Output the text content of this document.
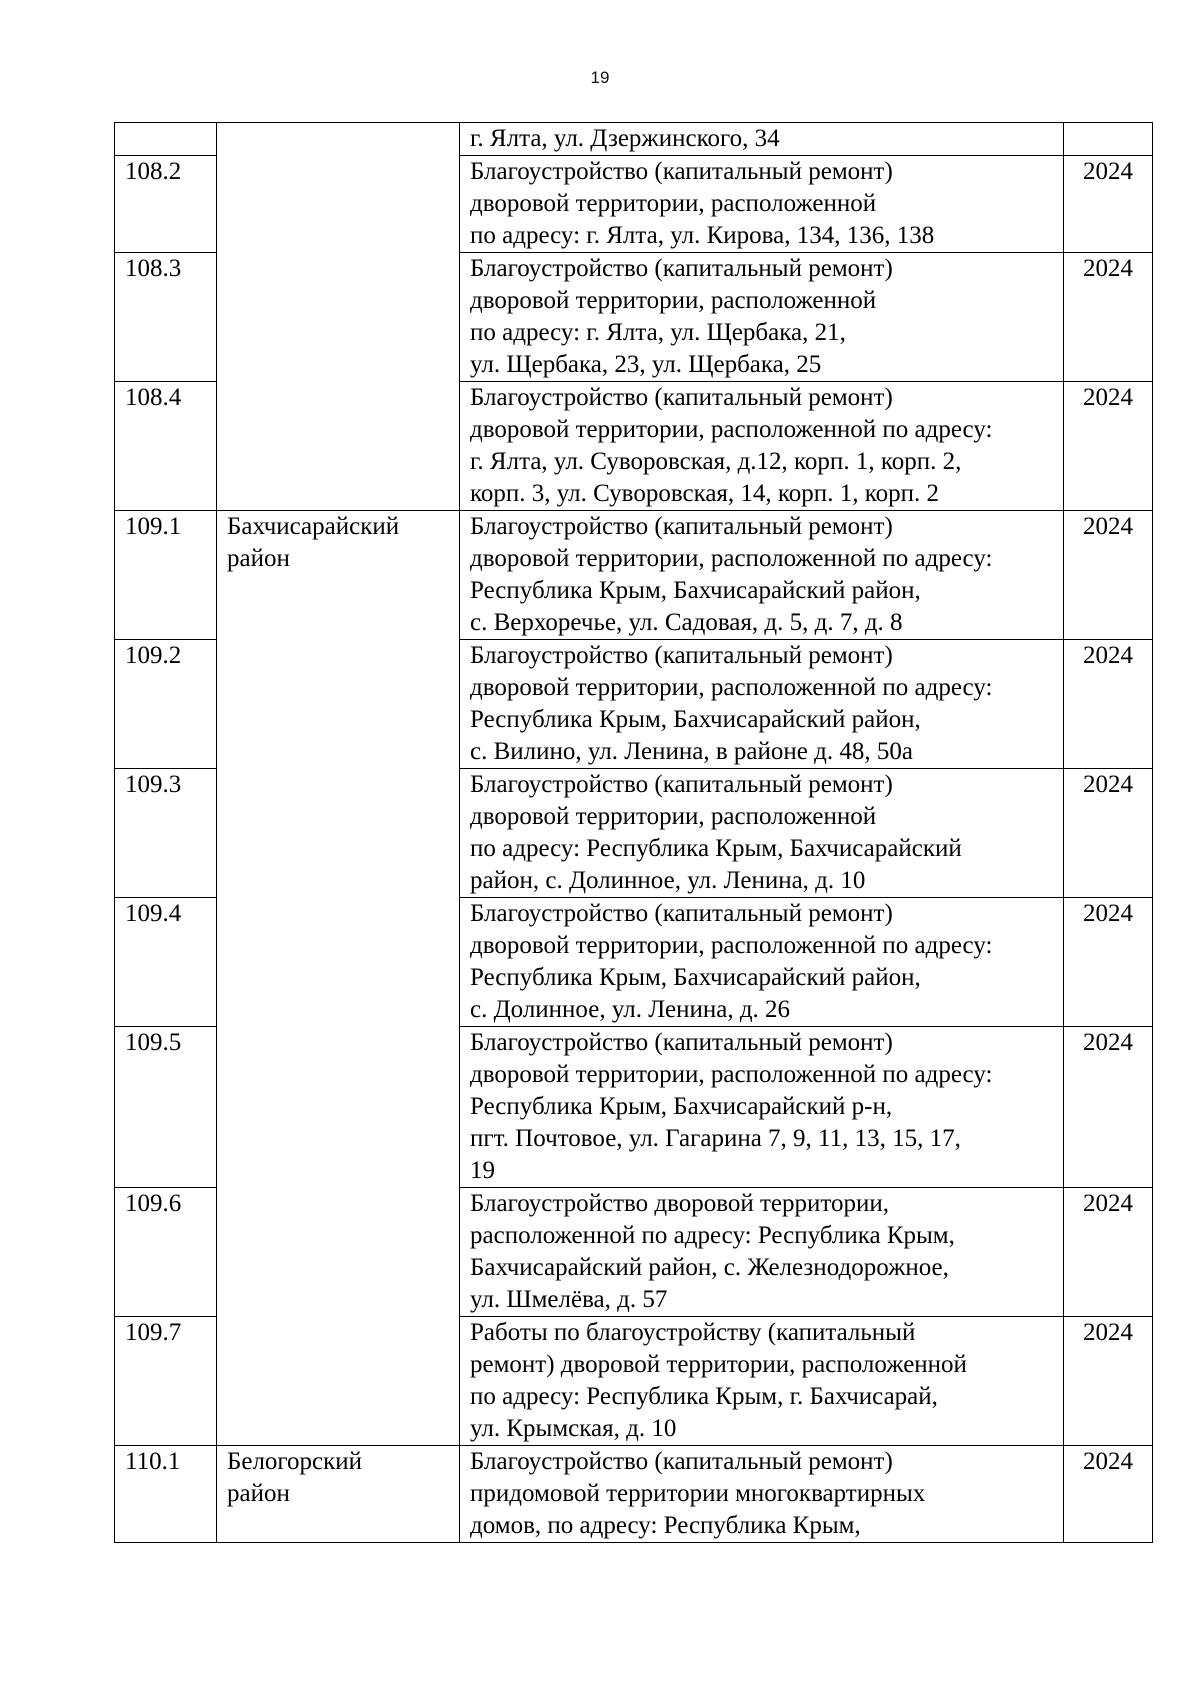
19
		г. Ялта, ул. Дзержинского, 34	
108.2		Благоустройство (капитальный ремонт)
дворовой территории, расположенной
по адресу: г. Ялта, ул. Кирова, 134, 136, 138	2024
108.3		Благоустройство (капитальный ремонт)
дворовой территории, расположенной
по адресу: г. Ялта, ул. Щербака, 21,
ул. Щербака, 23, ул. Щербака, 25	2024
108.4		Благоустройство (капитальный ремонт)
дворовой территории, расположенной по адресу:
г. Ялта, ул. Суворовская, д.12, корп. 1, корп. 2,
корп. 3, ул. Суворовская, 14, корп. 1, корп. 2	2024
109.1	Бахчисарайский
район	Благоустройство (капитальный ремонт)
дворовой территории, расположенной по адресу:
Республика Крым, Бахчисарайский район,
с. Верхоречье, ул. Садовая, д. 5, д. 7, д. 8	2024
109.2		Благоустройство (капитальный ремонт)
дворовой территории, расположенной по адресу:
Республика Крым, Бахчисарайский район,
с. Вилино, ул. Ленина, в районе д. 48, 50а	2024
109.3		Благоустройство (капитальный ремонт)
дворовой территории, расположенной
по адресу: Республика Крым, Бахчисарайский
район, с. Долинное, ул. Ленина, д. 10	2024
109.4		Благоустройство (капитальный ремонт)
дворовой территории, расположенной по адресу:
Республика Крым, Бахчисарайский район,
с. Долинное, ул. Ленина, д. 26	2024
109.5		Благоустройство (капитальный ремонт)
дворовой территории, расположенной по адресу:
Республика Крым, Бахчисарайский р-н,
пгт. Почтовое, ул. Гагарина 7, 9, 11, 13, 15, 17,
19	2024
109.6		Благоустройство дворовой территории,
расположенной по адресу: Республика Крым,
Бахчисарайский район, с. Железнодорожное,
ул. Шмелёва, д. 57	2024
109.7		Работы по благоустройству (капитальный
ремонт) дворовой территории, расположенной
по адресу: Республика Крым, г. Бахчисарай,
ул. Крымская, д. 10	2024
110.1	Белогорский
район	Благоустройство (капитальный ремонт)
придомовой территории многоквартирных
домов, по адресу: Республика Крым,	2024
